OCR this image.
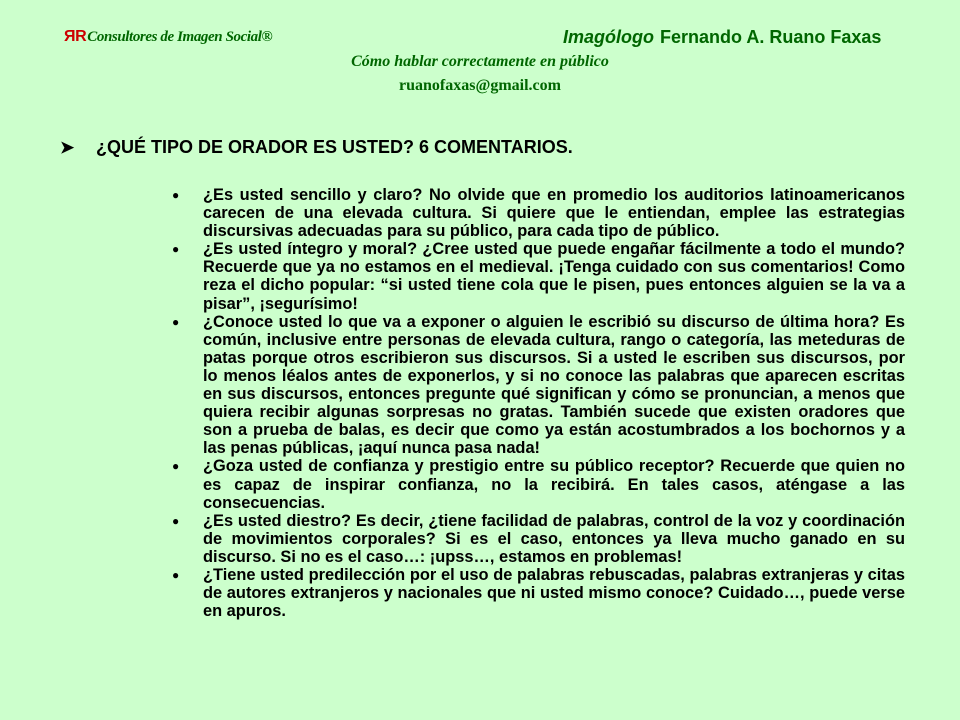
ЯRConsultores de Imagen Social®	Imagólogo Fernando A. Ruano Faxas
Cómo hablar correctamente en público
ruanofaxas@gmail.com
➤	¿QUÉ TIPO DE ORADOR ES USTED? 6 COMENTARIOS.
● ¿Es usted sencillo y claro? No olvide que en promedio los auditorios latinoamericanos carecen de una elevada cultura. Si quiere que le entiendan, emplee las estrategias discursivas adecuadas para su público, para cada tipo de público.
● ¿Es usted íntegro y moral? ¿Cree usted que puede engañar fácilmente a todo el mundo? Recuerde que ya no estamos en el medieval. ¡Tenga cuidado con sus comentarios! Como reza el dicho popular: “si usted tiene cola que le pisen, pues entonces alguien se la va a pisar”, ¡segurísimo!
● ¿Conoce usted lo que va a exponer o alguien le escribió su discurso de última hora? Es común, inclusive entre personas de elevada cultura, rango o categoría, las meteduras de patas porque otros escribieron sus discursos. Si a usted le escriben sus discursos, por lo menos léalos antes de exponerlos, y si no conoce las palabras que aparecen escritas en sus discursos, entonces pregunte qué significan y cómo se pronuncian, a menos que quiera recibir algunas sorpresas no gratas. También sucede que existen oradores que son a prueba de balas, es decir que como ya están acostumbrados a los bochornos y a las penas públicas, ¡aquí nunca pasa nada!
● ¿Goza usted de confianza y prestigio entre su público receptor? Recuerde que quien no es capaz de inspirar confianza, no la recibirá. En tales casos, aténgase a las consecuencias.
● ¿Es usted diestro? Es decir, ¿tiene facilidad de palabras, control de la voz y coordinación de movimientos corporales? Si es el caso, entonces ya lleva mucho ganado en su discurso. Si no es el caso…: ¡upss…, estamos en problemas!
● ¿Tiene usted predilección por el uso de palabras rebuscadas, palabras extranjeras y citas de autores extranjeros y nacionales que ni usted mismo conoce? Cuidado…, puede verse en apuros.
